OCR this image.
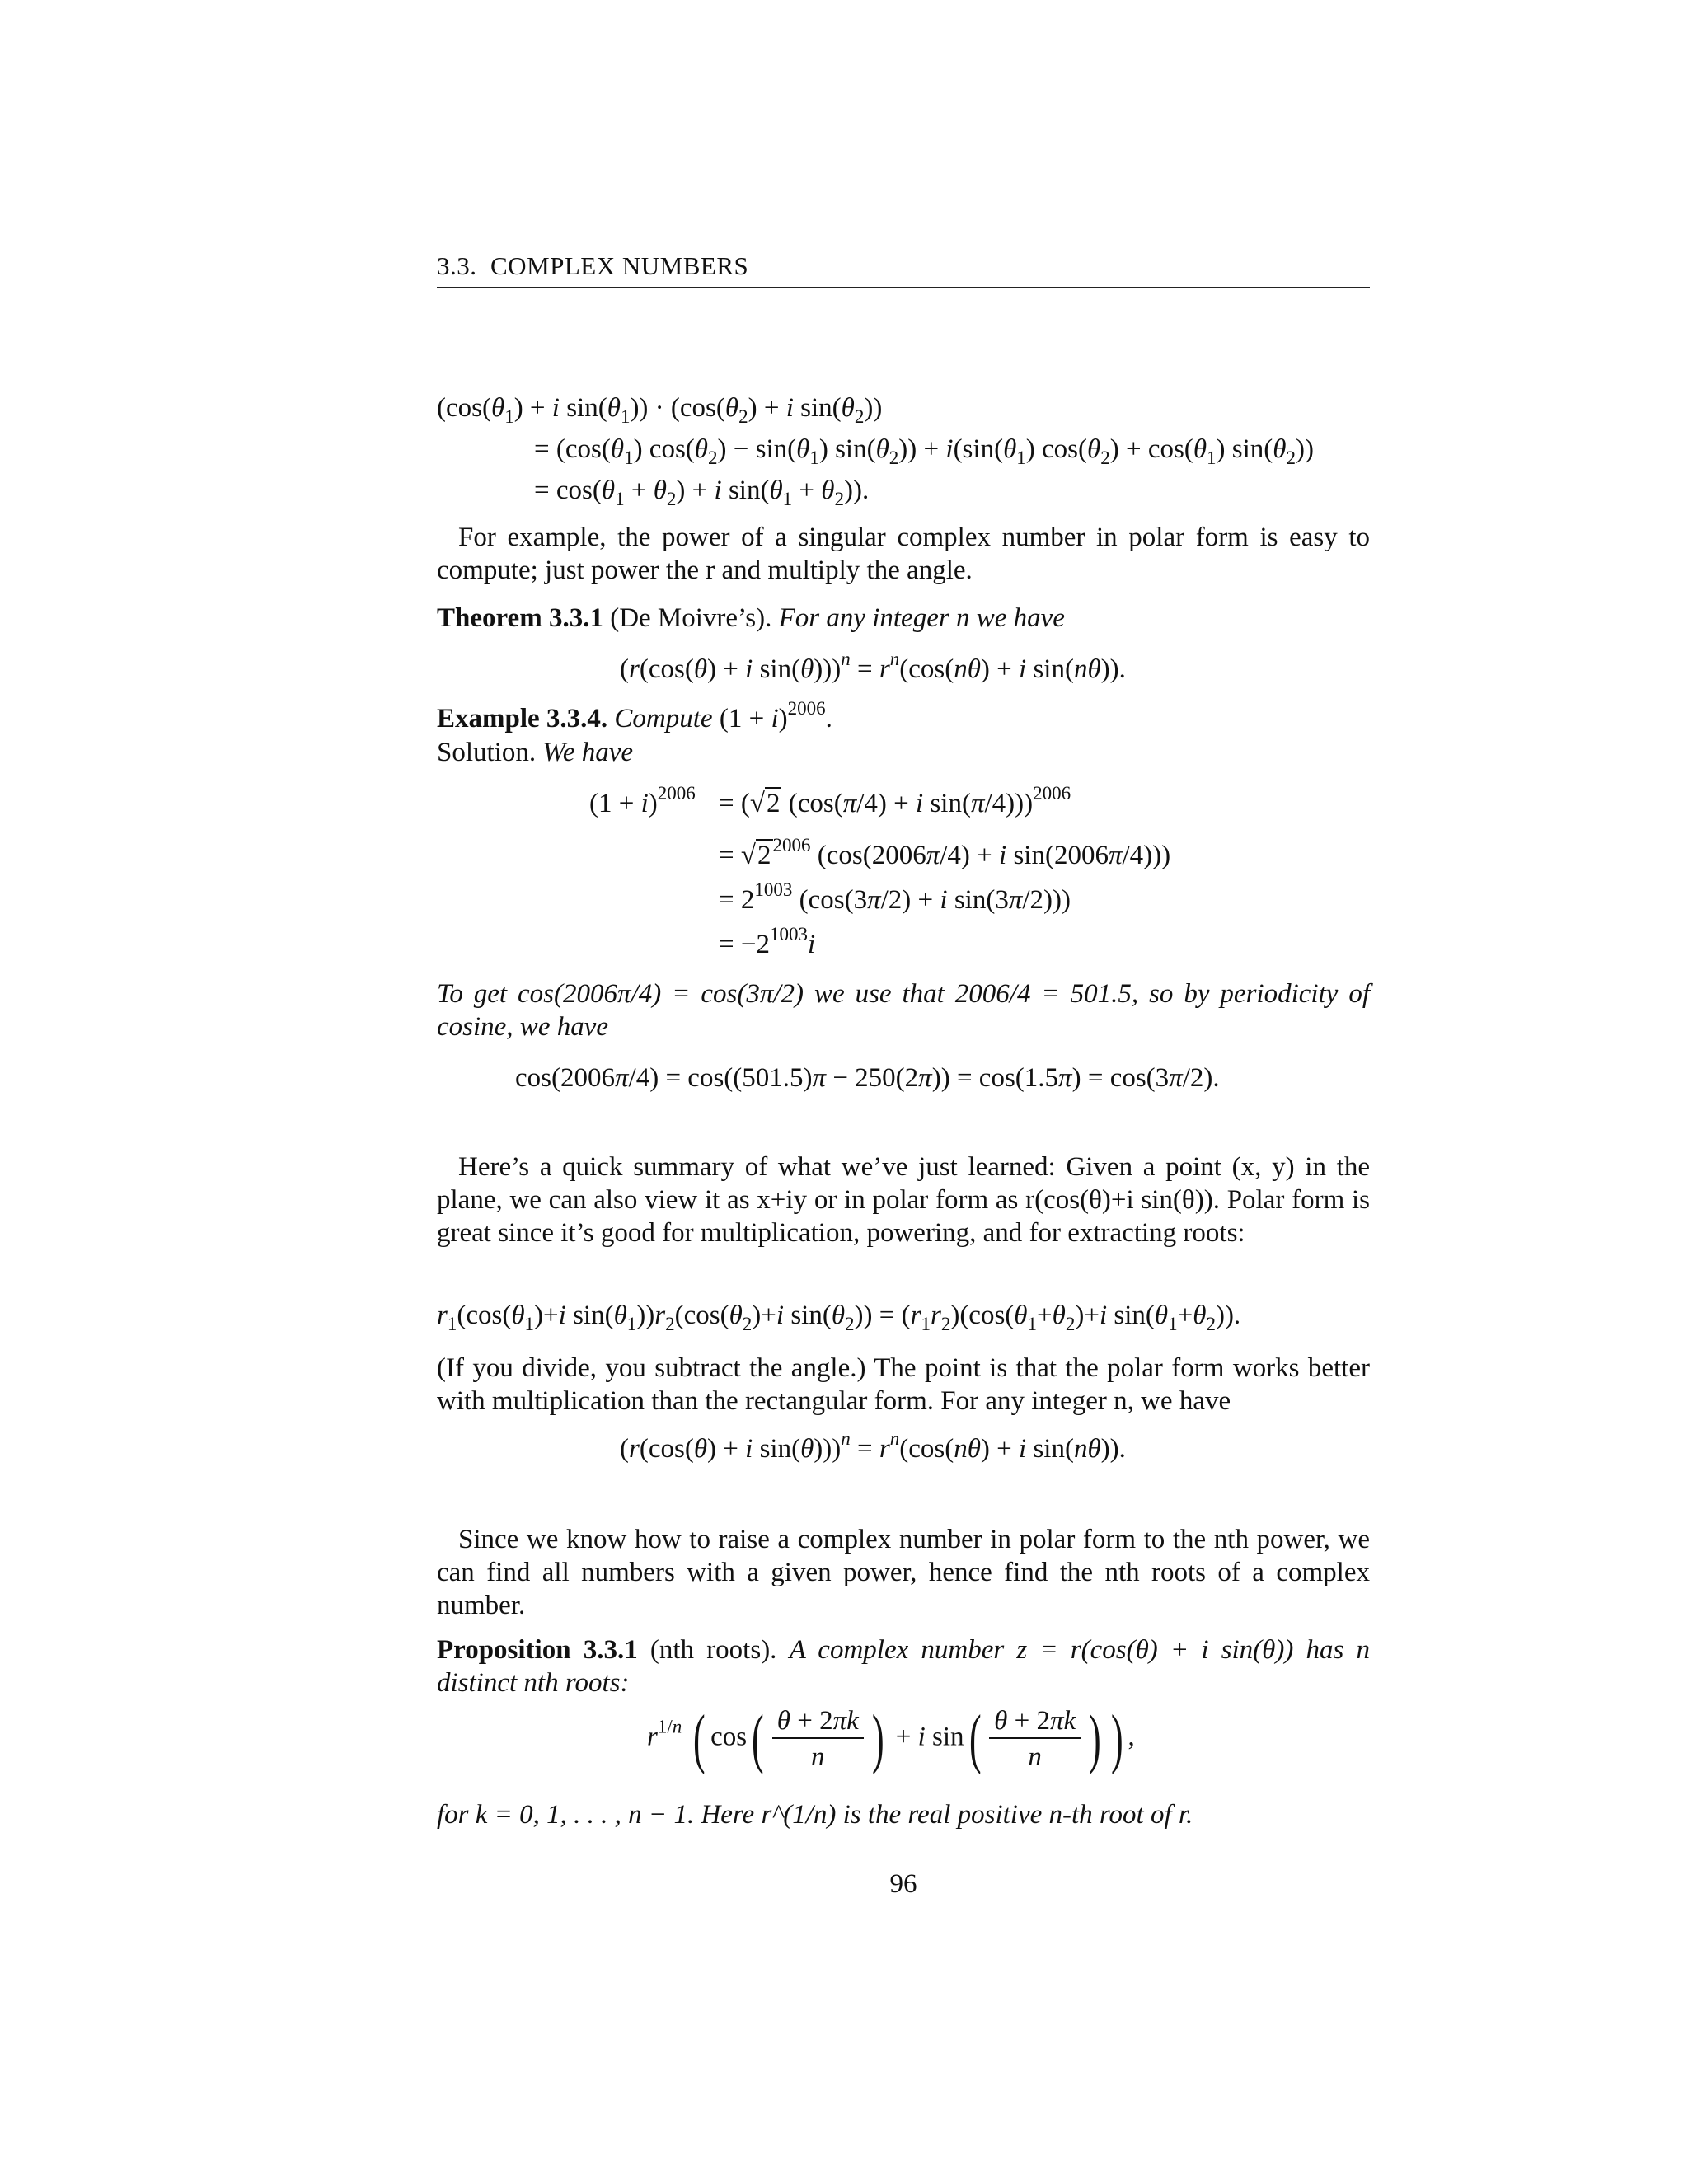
3.3. COMPLEX NUMBERS
($\cos(\theta_1) + i$ $\sin(\theta_1)) \cdot (\cos(\theta_2) + i$ $\sin(\theta_2)$)
= $(\cos(\theta_1) \cos(\theta_2) - \sin(\theta_1) \sin(\theta_2)) + i(\sin(\theta_1) \cos(\theta_2) + \cos(\theta_1)$ $\sin(\theta_2)$)
= $\cos(\theta_1 + \theta_2) + i$ $\sin(\theta_1 + \theta_2)$).
For example, the power of a singular complex number in polar form is easy to compute; just power the r and multiply the angle.
Theorem 3.3.1 (De Moivre’s). For any integer n we have
(r(cos(θ) + i $\sin(\theta)))^n = r^n(\cos(n\theta) + i$ sin(nθ)).
Example 3.3.4. Compute $(1 + i)^{2006}$.
Solution. We have
$(1 + i)^{2006} = (√2$ (cos(π/4) + i sin(π/4)))$^{2006}$
= $√2^{2006}$ (cos(2006π/4) + i sin(2006π/4)))
= $2^{1003}$ (cos(3π/2) + i sin(3π/2)))
= $-2^{1003}i$
To get cos(2006π/4) = cos(3π/2) we use that 2006/4 = 501.5, so by periodicity of cosine, we have
cos(2006π/4) = cos((501.5)π − 250(2π)) = cos(1.5π) = cos(3π/2).
Here’s a quick summary of what we’ve just learned: Given a point (x, y) in the plane, we can also view it as x+iy or in polar form as r(cos(θ)+i sin(θ)). Polar form is great since it’s good for multiplication, powering, and for extracting roots:
$r_1(\cos(\theta_1)+i$ $\sin(\theta_1))r_2(\cos(\theta_2)+i$ $\sin(\theta_2)) = (r_1r_2)(\cos(\theta_1+\theta_2)+i$ $\sin(\theta_1+\theta_2)$).
(If you divide, you subtract the angle.) The point is that the polar form works better with multiplication than the rectangular form. For any integer n, we have
(r(cos(θ) + i $\sin(\theta)))^n = r^n(\cos(n\theta) + i$ sin(nθ)).
Since we know how to raise a complex number in polar form to the nth power, we can find all numbers with a given power, hence find the nth roots of a complex number.
Proposition 3.3.1 (nth roots). A complex number z = r(cos(θ) + i sin(θ)) has n distinct nth roots:
$r^{1/n}$ ( $\cos( \frac{\theta + 2\pi k}{n}$ ) + i $\sin( \frac{\theta + 2\pi k}{n}$ ) ) ,
for k = 0, 1, . . . , n − 1. Here r^(1/n) is the real positive n-th root of r.
96
